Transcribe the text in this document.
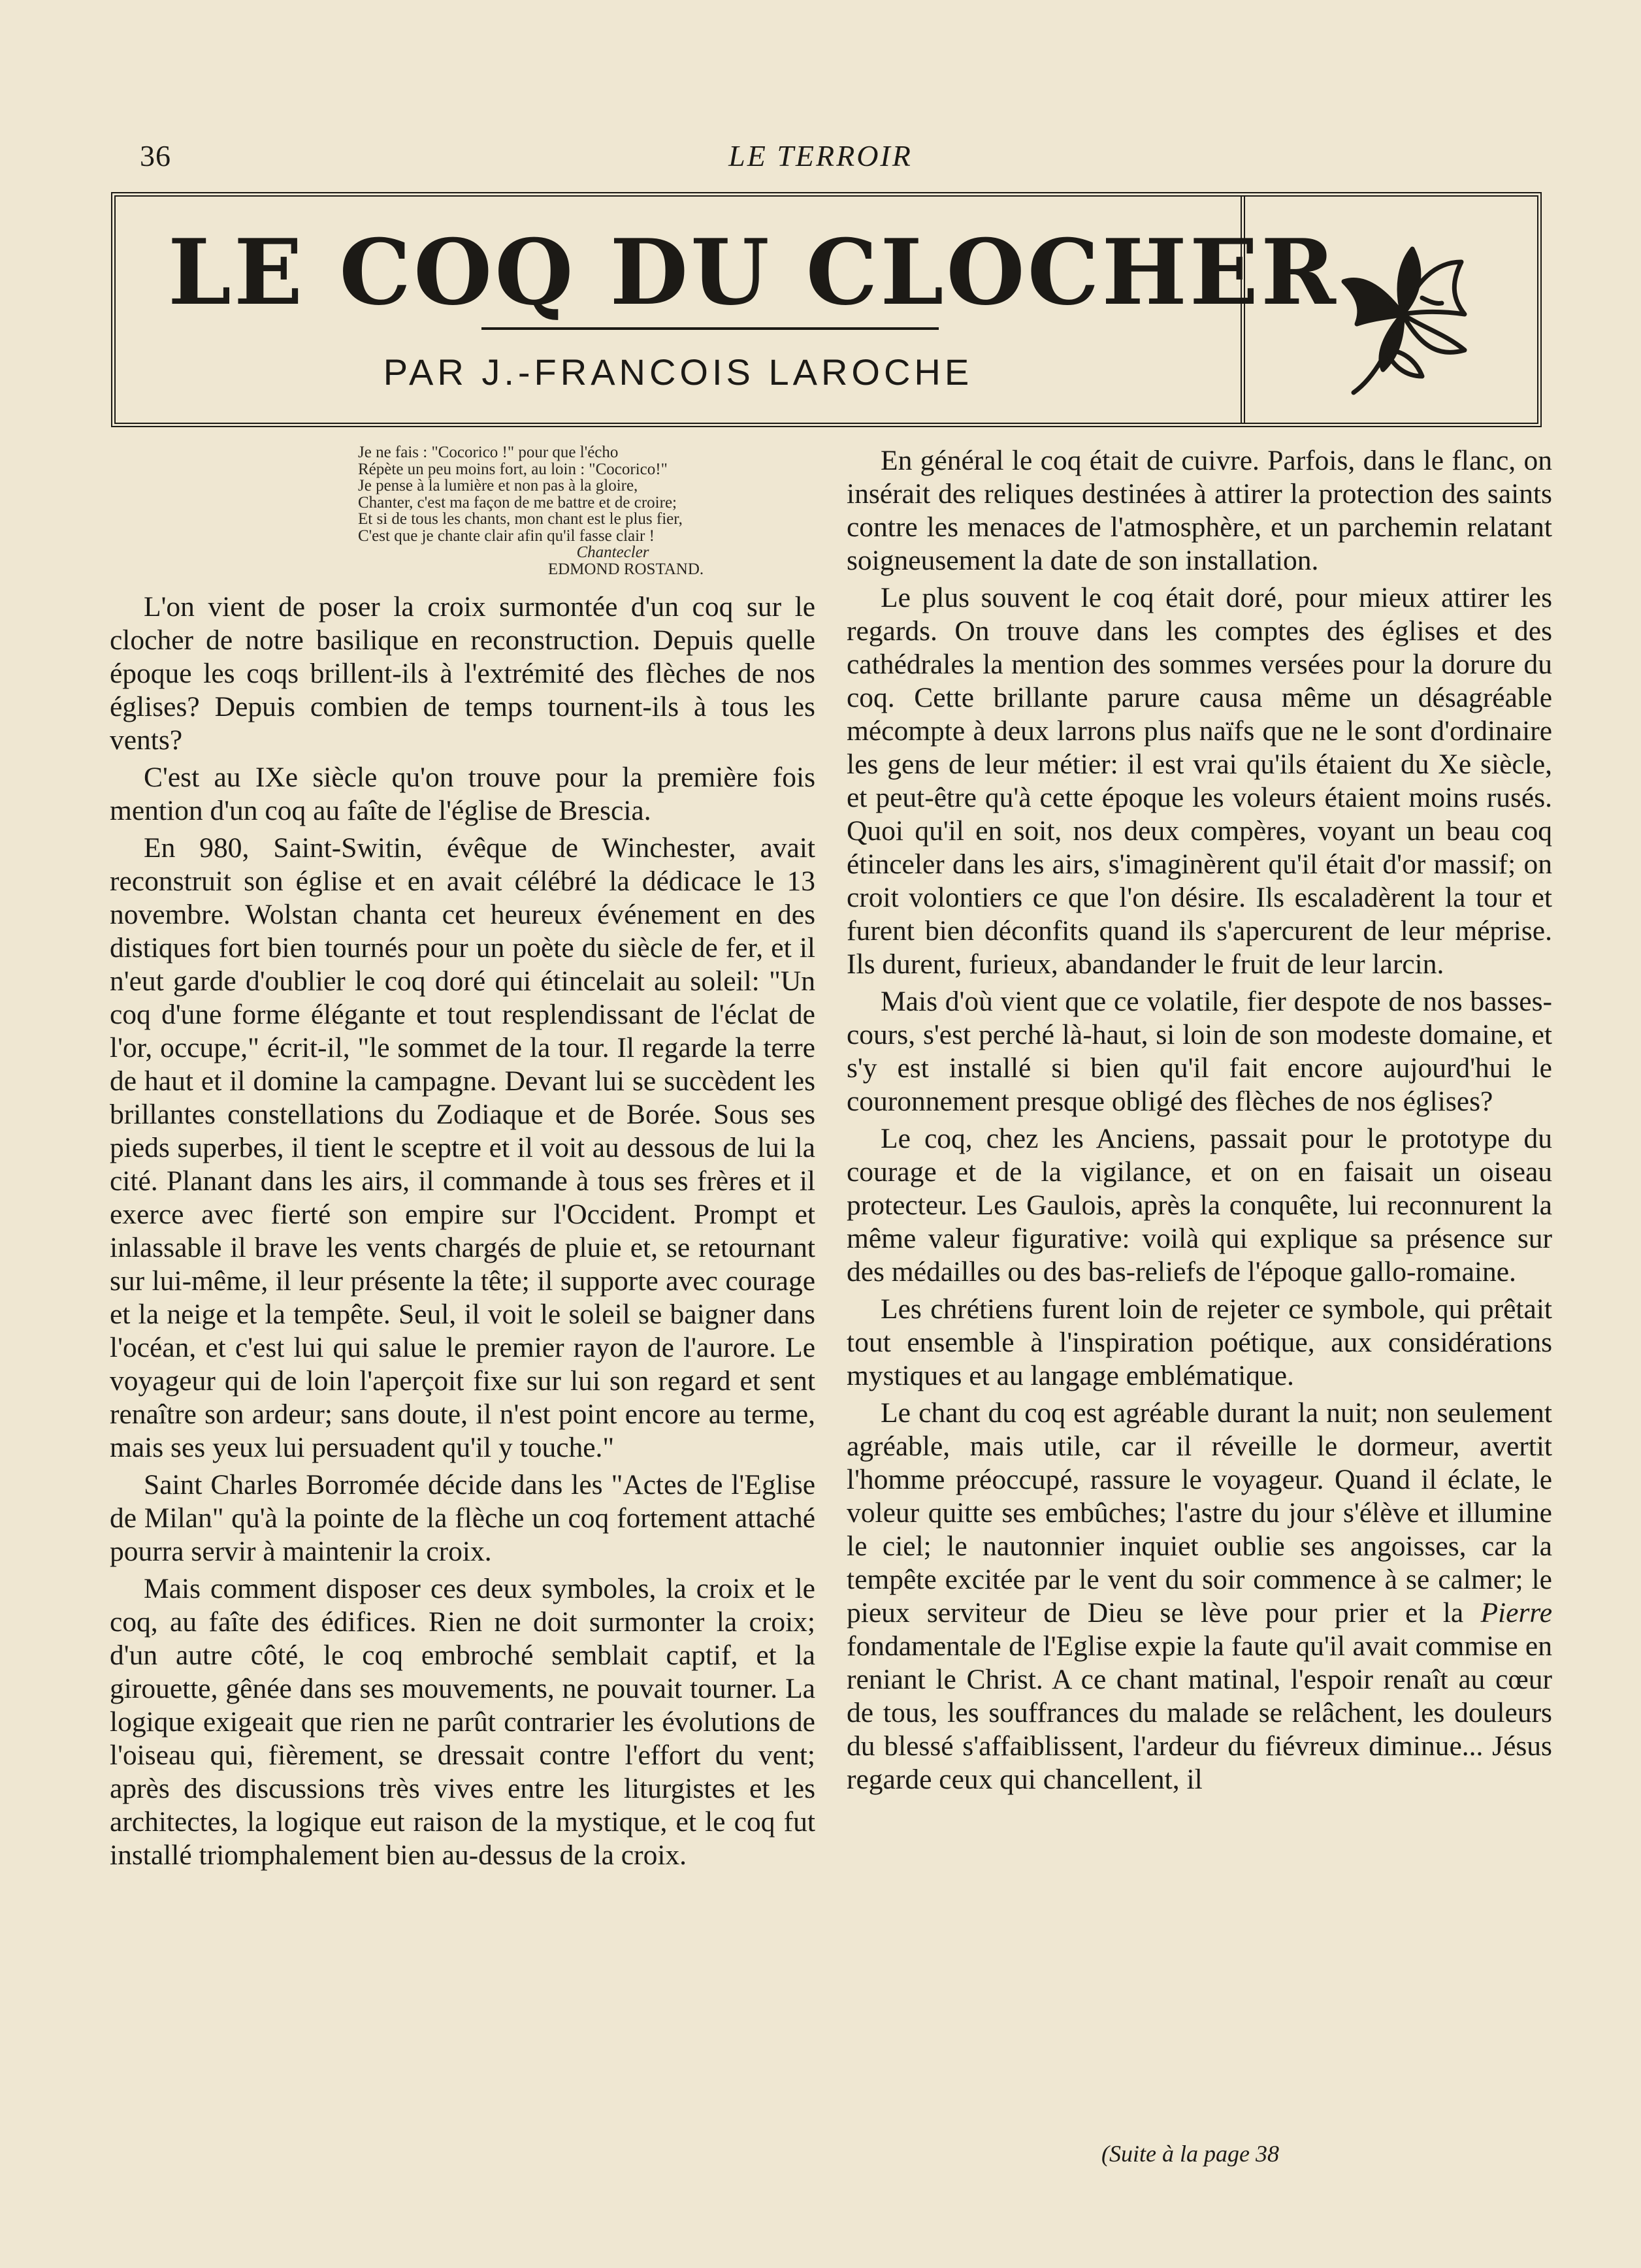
36	LE TERROIR
LE COQ DU CLOCHER
PAR J.-FRANCOIS LAROCHE
Je ne fais : "Cocorico !" pour que l'écho
Répète un peu moins fort, au loin : "Cocorico!"
Je pense à la lumière et non pas à la gloire,
Chanter, c'est ma façon de me battre et de croire;
Et si de tous les chants, mon chant est le plus fier,
C'est que je chante clair afin qu'il fasse clair !
Chantecler
EDMOND ROSTAND.

L'on vient de poser la croix surmontée d'un coq sur le clocher de notre basilique en reconstruction. Depuis quelle époque les coqs brillent-ils à l'extrémité des flèches de nos églises? Depuis combien de temps tournent-ils à tous les vents?

C'est au IXe siècle qu'on trouve pour la première fois mention d'un coq au faîte de l'église de Brescia.

En 980, Saint-Switin, évêque de Winchester, avait reconstruit son église et en avait célébré la dédicace le 13 novembre. Wolstan chanta cet heureux événement en des distiques fort bien tournés pour un poète du siècle de fer, et il n'eut garde d'oublier le coq doré qui étincelait au soleil: "Un coq d'une forme élégante et tout resplendissant de l'éclat de l'or, occupe," écrit-il, "le sommet de la tour. Il regarde la terre de haut et il domine la campagne. Devant lui se succèdent les brillantes constellations du Zodiaque et de Borée. Sous ses pieds superbes, il tient le sceptre et il voit au dessous de lui la cité. Planant dans les airs, il commande à tous ses frères et il exerce avec fierté son empire sur l'Occident. Prompt et inlassable il brave les vents chargés de pluie et, se retournant sur lui-même, il leur présente la tête; il supporte avec courage et la neige et la tempête. Seul, il voit le soleil se baigner dans l'océan, et c'est lui qui salue le premier rayon de l'aurore. Le voyageur qui de loin l'aperçoit fixe sur lui son regard et sent renaître son ardeur; sans doute, il n'est point encore au terme, mais ses yeux lui persuadent qu'il y touche."

Saint Charles Borromée décide dans les "Actes de l'Eglise de Milan" qu'à la pointe de la flèche un coq fortement attaché pourra servir à maintenir la croix.

Mais comment disposer ces deux symboles, la croix et le coq, au faîte des édifices. Rien ne doit surmonter la croix; d'un autre côté, le coq embroché semblait captif, et la girouette, gênée dans ses mouvements, ne pouvait tourner. La logique exigeait que rien ne parût contrarier les évolutions de l'oiseau qui, fièrement, se dressait contre l'effort du vent; après des discussions très vives entre les liturgistes et les architectes, la logique eut raison de la mystique, et le coq fut installé triomphalement bien au-dessus de la croix.

En général le coq était de cuivre. Parfois, dans le flanc, on insérait des reliques destinées à attirer la protection des saints contre les menaces de l'atmosphère, et un parchemin relatant soigneusement la date de son installation.

Le plus souvent le coq était doré, pour mieux attirer les regards. On trouve dans les comptes des églises et des cathédrales la mention des sommes versées pour la dorure du coq. Cette brillante parure causa même un désagréable mécompte à deux larrons plus naïfs que ne le sont d'ordinaire les gens de leur métier: il est vrai qu'ils étaient du Xe siècle, et peut-être qu'à cette époque les voleurs étaient moins rusés. Quoi qu'il en soit, nos deux compères, voyant un beau coq étinceler dans les airs, s'imaginèrent qu'il était d'or massif; on croit volontiers ce que l'on désire. Ils escaladèrent la tour et furent bien déconfits quand ils s'apercurent de leur méprise. Ils durent, furieux, abandander le fruit de leur larcin.

Mais d'où vient que ce volatile, fier despote de nos basses-cours, s'est perché là-haut, si loin de son modeste domaine, et s'y est installé si bien qu'il fait encore aujourd'hui le couronnement presque obligé des flèches de nos églises?

Le coq, chez les Anciens, passait pour le prototype du courage et de la vigilance, et on en faisait un oiseau protecteur. Les Gaulois, après la conquête, lui reconnurent la même valeur figurative: voilà qui explique sa présence sur des médailles ou des bas-reliefs de l'époque gallo-romaine.

Les chrétiens furent loin de rejeter ce symbole, qui prêtait tout ensemble à l'inspiration poétique, aux considérations mystiques et au langage emblématique.

Le chant du coq est agréable durant la nuit; non seulement agréable, mais utile, car il réveille le dormeur, avertit l'homme préoccupé, rassure le voyageur. Quand il éclate, le voleur quitte ses embûches; l'astre du jour s'élève et illumine le ciel; le nautonnier inquiet oublie ses angoisses, car la tempête excitée par le vent du soir commence à se calmer; le pieux serviteur de Dieu se lève pour prier et la Pierre fondamentale de l'Eglise expie la faute qu'il avait commise en reniant le Christ. A ce chant matinal, l'espoir renaît au cœur de tous, les souffrances du malade se relâchent, les douleurs du blessé s'affaiblissent, l'ardeur du fiévreux diminue... Jésus regarde ceux qui chancellent, il

(Suite à la page 38
